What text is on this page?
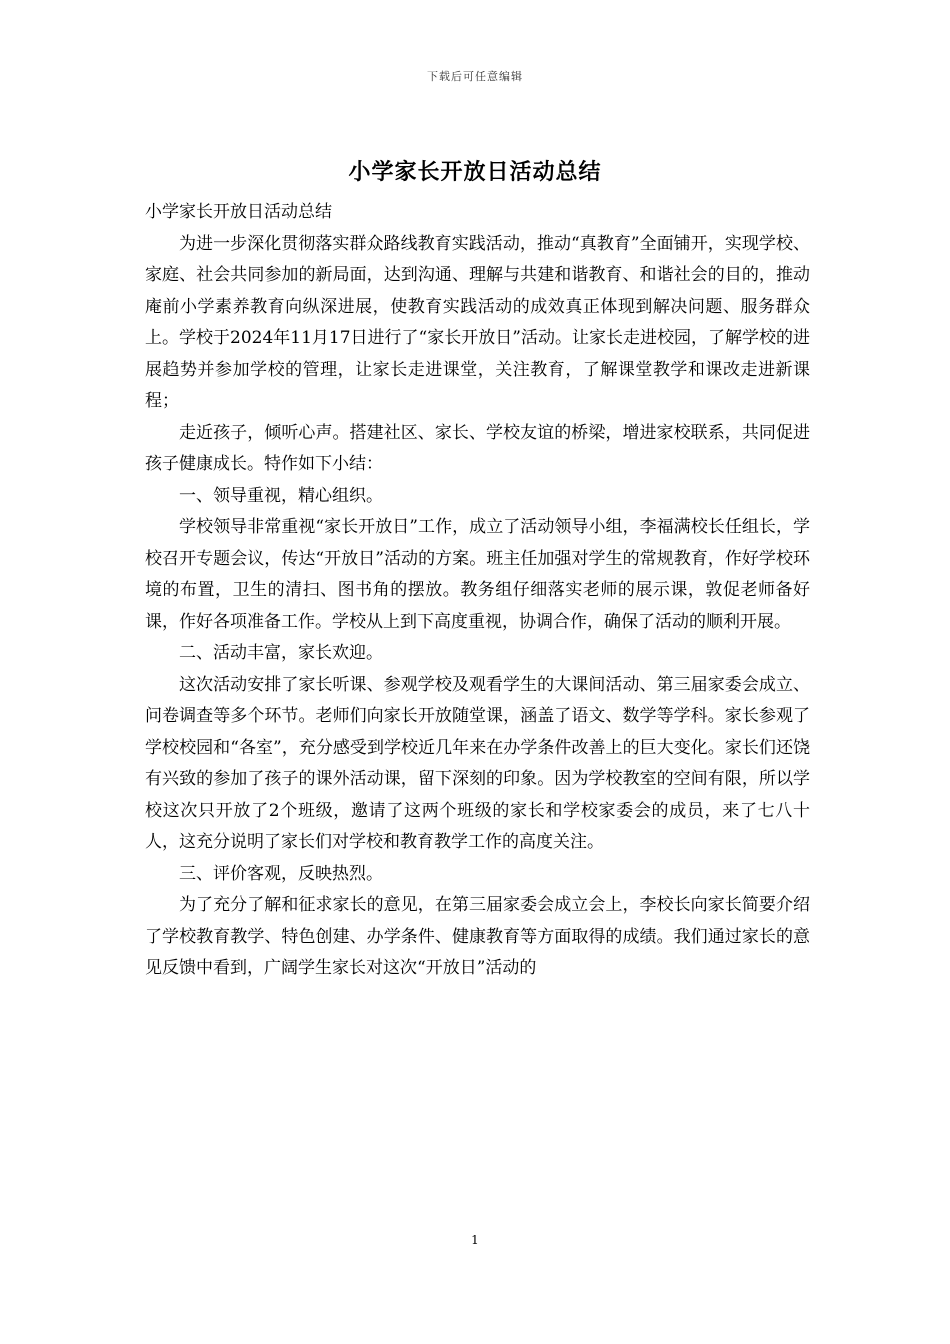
下载后可任意编辑
小学家长开放日活动总结

小学家长开放日活动总结

为进一步深化贯彻落实群众路线教育实践活动，推动“真教育”全面铺开，实现学校、家庭、社会共同参加的新局面，达到沟通、理解与共建和谐教育、和谐社会的目的，推动庵前小学素养教育向纵深进展，使教育实践活动的成效真正体现到解决问题、服务群众上。学校于2024年11月17日进行了“家长开放日”活动。让家长走进校园，了解学校的进展趋势并参加学校的管理，让家长走进课堂，关注教育，了解课堂教学和课改走进新课程；

走近孩子，倾听心声。搭建社区、家长、学校友谊的桥梁，增进家校联系，共同促进孩子健康成长。特作如下小结：

一、领导重视，精心组织。

学校领导非常重视“家长开放日”工作，成立了活动领导小组，李福满校长任组长，学校召开专题会议，传达“开放日”活动的方案。班主任加强对学生的常规教育，作好学校环境的布置，卫生的清扫、图书角的摆放。教务组仔细落实老师的展示课，敦促老师备好课，作好各项准备工作。学校从上到下高度重视，协调合作，确保了活动的顺利开展。

二、活动丰富，家长欢迎。

这次活动安排了家长听课、参观学校及观看学生的大课间活动、第三届家委会成立、问卷调查等多个环节。老师们向家长开放随堂课，涵盖了语文、数学等学科。家长参观了学校校园和“各室”，充分感受到学校近几年来在办学条件改善上的巨大变化。家长们还饶有兴致的参加了孩子的课外活动课，留下深刻的印象。因为学校教室的空间有限，所以学校这次只开放了2个班级，邀请了这两个班级的家长和学校家委会的成员，来了七八十人，这充分说明了家长们对学校和教育教学工作的高度关注。

三、评价客观，反映热烈。

为了充分了解和征求家长的意见，在第三届家委会成立会上，李校长向家长简要介绍了学校教育教学、特色创建、办学条件、健康教育等方面取得的成绩。我们通过家长的意见反馈中看到，广阔学生家长对这次“开放日”活动的

1
